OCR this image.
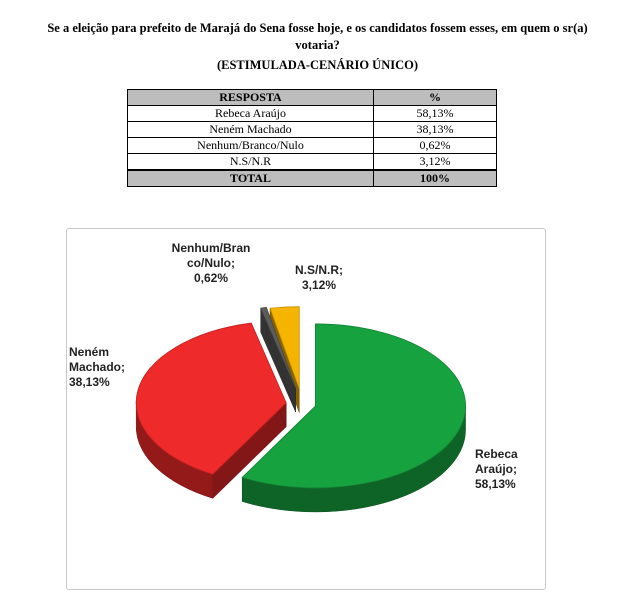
Se a eleição para prefeito de Marajá do Sena fosse hoje, e os candidatos fossem esses, em quem o sr(a) votaria?
(ESTIMULADA-CENÁRIO ÚNICO)
RESPOSTA	%
Rebeca Araújo	58,13%
Neném Machado	38,13%
Nenhum/Branco/Nulo	0,62%
N.S/N.R	3,12%
TOTAL	100%
Rebeca
Araújo;
58,13%
Neném
Machado;
38,13%
Nenhum/Bran
co/Nulo;
0,62%
N.S/N.R;
3,12%
